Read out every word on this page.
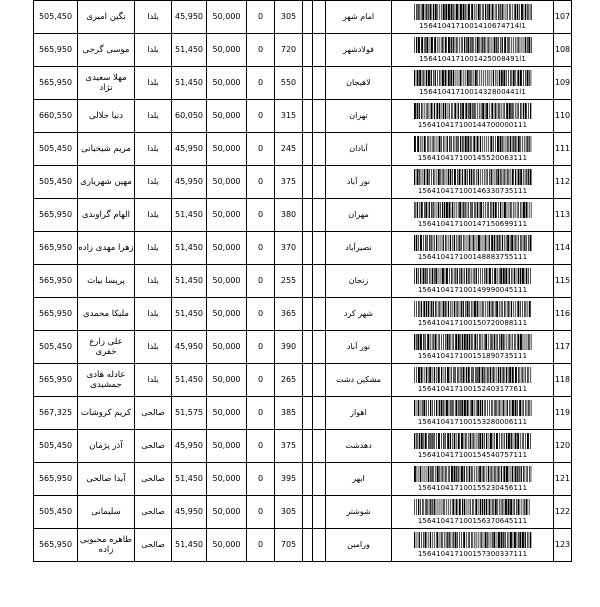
505,450	نگین امیری	یلدا	45,950	50,000	0	305			امام شهر	1564104171001410674714l1	107
565,950	موسی گرجی	یلدا	51,450	50,000	0	720			فولادشهر	1564104171001425008491l1	108
565,950	مهلا سعیدی نژاد	یلدا	51,450	50,000	0	550			لاهیجان	1564104171001432800441l1	109
660,550	دنیا جلالی	یلدا	60,050	50,000	0	315			تهران	156410417100144700000111	110
505,450	مریم شیخیانی	یلدا	45,950	50,000	0	245			آبادان	156410417100145520063111	111
505,450	مهین شهریاری	یلدا	45,950	50,000	0	375			نور آباد	156410417100146330735111	112
565,950	الهام گراوندی	یلدا	51,450	50,000	0	380			مهران	156410417100147150699111	113
565,950	زهرا مهدی زاده	یلدا	51,450	50,000	0	370			نصیرآباد	156410417100148883755111	114
565,950	پریسا بیات	یلدا	51,450	50,000	0	255			زنجان	156410417100149990045111	115
565,950	ملیکا محمدی	یلدا	51,450	50,000	0	365			شهر کرد	156410417100150720088111	116
505,450	علی زارع خفری	یلدا	45,950	50,000	0	390			نور آباد	156410417100151890735111	117
565,950	عادله هادی جمشیدی	یلدا	51,450	50,000	0	265			مشکین دشت	156410417100152403177611	118
567,325	کریم کروشات	صالحی	51,575	50,000	0	385			اهواز	156410417100153280006111	119
505,450	آذر پژمان	صالحی	45,950	50,000	0	375			دهدشت	156410417100154540757111	120
565,950	آیدا صالحی	صالحی	51,450	50,000	0	395			ابهر	156410417100155230456111	121
505,450	سلیمانی	صالحی	45,950	50,000	0	305			شوشتر	156410417100156370645111	122
565,950	طاهره محبوبی زاده	صالحی	51,450	50,000	0	705			ورامین	156410417100157300337111	123
